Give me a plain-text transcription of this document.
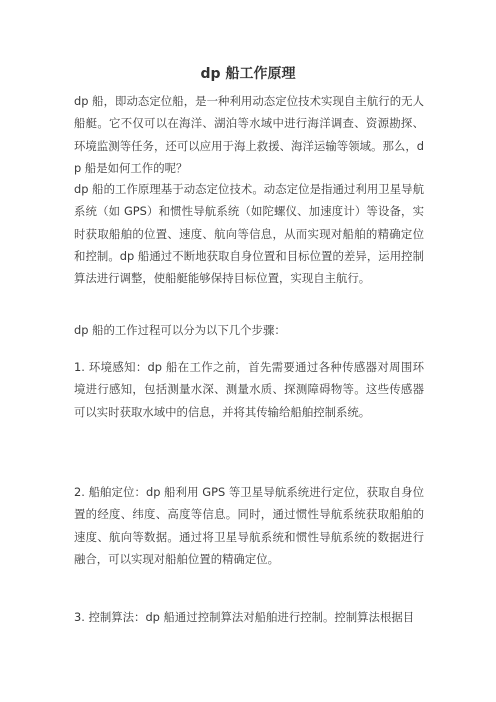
dp 船工作原理

dp 船，即动态定位船，是一种利用动态定位技术实现自主航行的无人船艇。它不仅可以在海洋、湖泊等水域中进行海洋调查、资源勘探、环境监测等任务，还可以应用于海上救援、海洋运输等领域。那么，dp 船是如何工作的呢？

dp 船的工作原理基于动态定位技术。动态定位是指通过利用卫星导航系统（如 GPS）和惯性导航系统（如陀螺仪、加速度计）等设备，实时获取船舶的位置、速度、航向等信息，从而实现对船舶的精确定位和控制。dp 船通过不断地获取自身位置和目标位置的差异，运用控制算法进行调整，使船艇能够保持目标位置，实现自主航行。

dp 船的工作过程可以分为以下几个步骤：

1. 环境感知：dp 船在工作之前，首先需要通过各种传感器对周围环境进行感知，包括测量水深、测量水质、探测障碍物等。这些传感器可以实时获取水域中的信息，并将其传输给船舶控制系统。

2. 船舶定位：dp 船利用 GPS 等卫星导航系统进行定位，获取自身位置的经度、纬度、高度等信息。同时，通过惯性导航系统获取船舶的速度、航向等数据。通过将卫星导航系统和惯性导航系统的数据进行融合，可以实现对船舶位置的精确定位。

3. 控制算法：dp 船通过控制算法对船舶进行控制。控制算法根据目
